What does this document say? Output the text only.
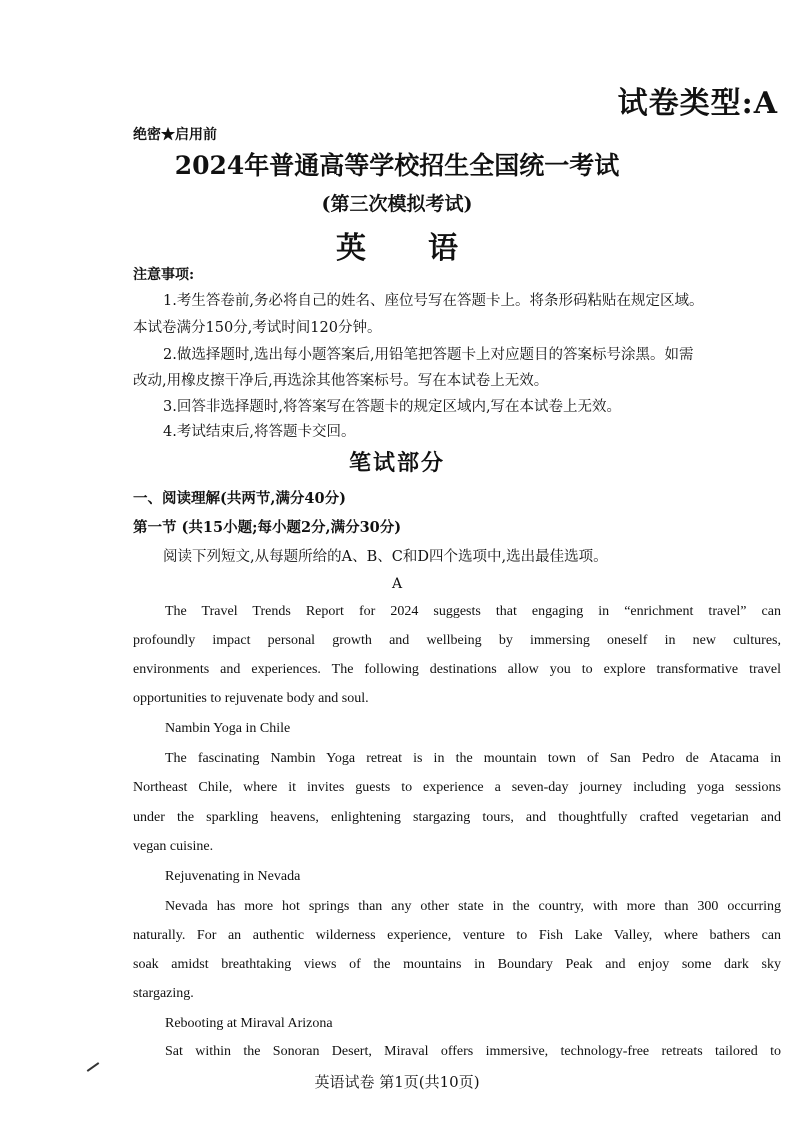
试卷类型:A
绝密★启用前
2024年普通高等学校招生全国统一考试
(第三次模拟考试)
英语
注意事项:
1.考生答卷前,务必将自己的姓名、座位号写在答题卡上。将条形码粘贴在规定区域。
本试卷满分150分,考试时间120分钟。
2.做选择题时,选出每小题答案后,用铅笔把答题卡上对应题目的答案标号涂黑。如需
改动,用橡皮擦干净后,再选涂其他答案标号。写在本试卷上无效。
3.回答非选择题时,将答案写在答题卡的规定区域内,写在本试卷上无效。
4.考试结束后,将答题卡交回。
笔试部分
一、阅读理解(共两节,满分40分)
第一节 (共15小题;每小题2分,满分30分)
阅读下列短文,从每题所给的A、B、C和D四个选项中,选出最佳选项。
A
The Travel Trends Report for 2024 suggests that engaging in “enrichment travel” can
profoundly impact personal growth and wellbeing by immersing oneself in new cultures,
environments and experiences. The following destinations allow you to explore transformative travel
opportunities to rejuvenate body and soul.
Nambin Yoga in Chile
The fascinating Nambin Yoga retreat is in the mountain town of San Pedro de Atacama in
Northeast Chile, where it invites guests to experience a seven-day journey including yoga sessions
under the sparkling heavens, enlightening stargazing tours, and thoughtfully crafted vegetarian and
vegan cuisine.
Rejuvenating in Nevada
Nevada has more hot springs than any other state in the country, with more than 300 occurring
naturally. For an authentic wilderness experience, venture to Fish Lake Valley, where bathers can
soak amidst breathtaking views of the mountains in Boundary Peak and enjoy some dark sky
stargazing.
Rebooting at Miraval Arizona
Sat within the Sonoran Desert, Miraval offers immersive, technology-free retreats tailored to
英语试卷 第1页(共10页)
